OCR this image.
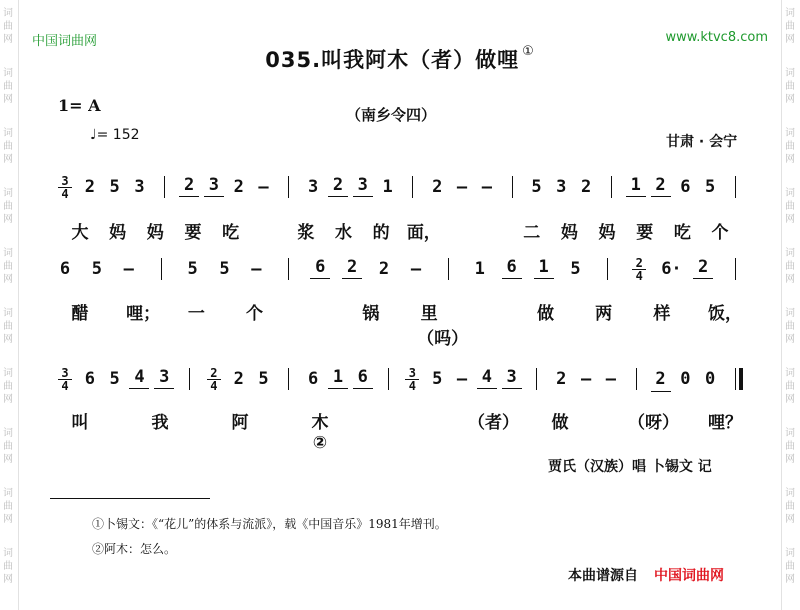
词
曲
网
词
曲
网
词
曲
网
词
曲
网
词
曲
网
词
曲
网
词
曲
网
词
曲
网
词
曲
网
词
曲
网
词
曲
网
词
曲
网
词
曲
网
词
曲
网
词
曲
网
词
曲
网
词
曲
网
词
曲
网
词
曲
网
词
曲
网
中国词曲网	www.ktvc8.com
035.叫我阿木（者）做哩 ①
1= A	（南乡令四）
♩= 152	甘肃 · 会宁
3
4 2 5 3 2 3 2 – 3 2 3 1 2 – – 5 3 2 1 2 6 5
大 妈 妈 要 吃	浆 水 的 面，	二 妈 妈 要 吃 个
6 5 –	5 5 –	6 2 2 –	1 6 1 5	2
4 6· 2
醋 哩； 一 个	锅 里（吗）
做 两 样 饭，
3
4 6 5 4 3	2
4 2 5 6 1 6	3
4 5 – 4 3 2 – – 2 0 0
叫	我	阿	木②
（者） 做	（呀） 哩？
贾氏（汉族）唱 卜锡文 记
①卜锡文：《“花儿”的体系与流派》，载《中国音乐》1981年增刊。
②阿木：怎么。
本曲谱源自 中国词曲网
